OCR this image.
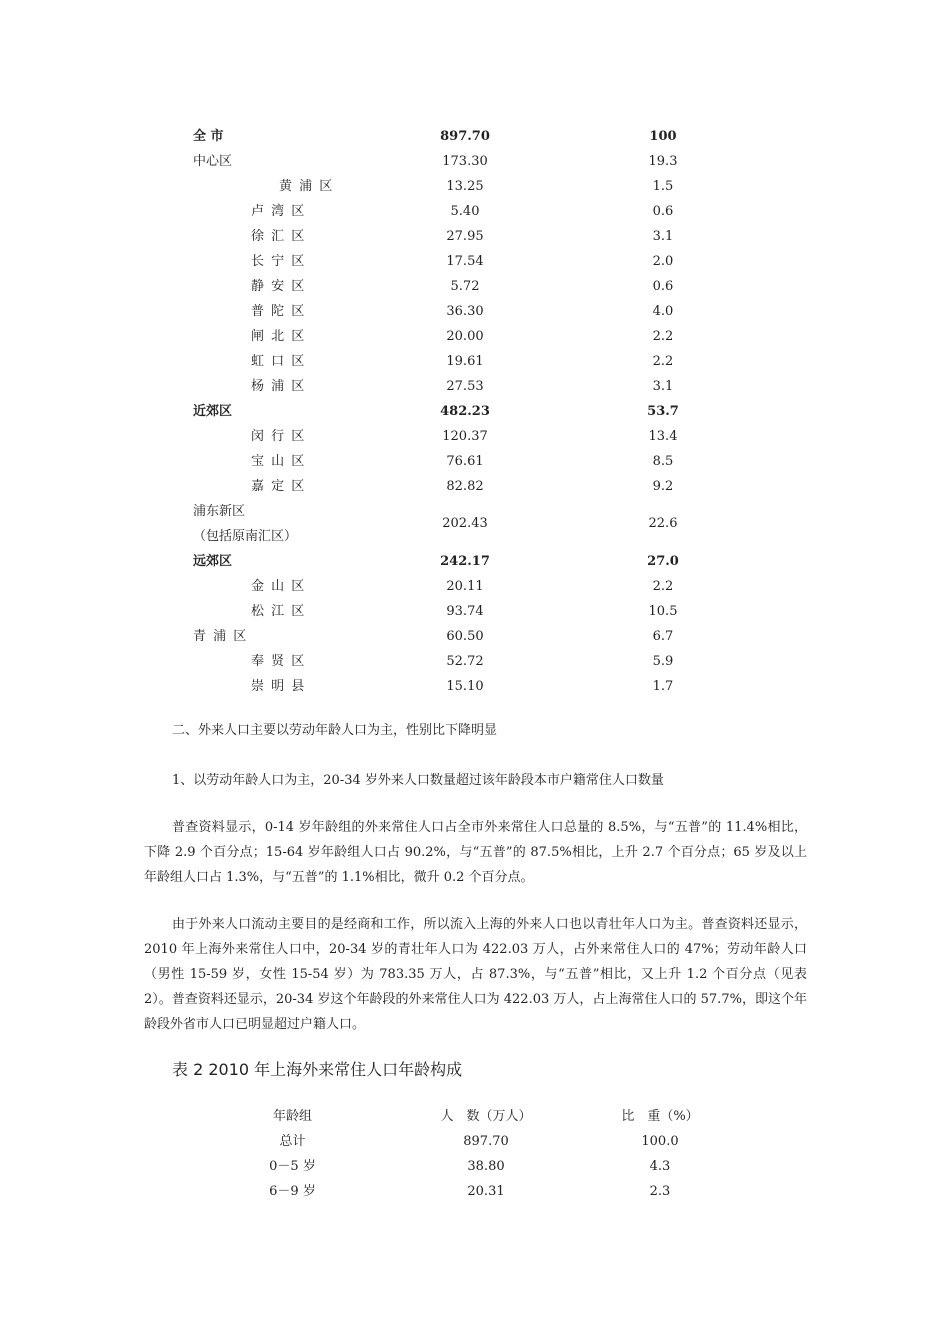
全 市	897.70	100
中心区	173.30	19.3
黄浦区	13.25	1.5
卢湾区	5.40	0.6
徐汇区	27.95	3.1
长宁区	17.54	2.0
静安区	5.72	0.6
普陀区	36.30	4.0
闸北区	20.00	2.2
虹口区	19.61	2.2
杨浦区	27.53	3.1
近郊区	482.23	53.7
闵行区	120.37	13.4
宝山区	76.61	8.5
嘉定区	82.82	9.2
浦东新区
（包括原南汇区）
202.43	22.6
远郊区	242.17	27.0
金山区	20.11	2.2
松江区	93.74	10.5
青浦区	60.50	6.7
奉贤区	52.72	5.9
崇明县	15.10	1.7

二、外来人口主要以劳动年龄人口为主，性别比下降明显

1、以劳动年龄人口为主，20-34 岁外来人口数量超过该年龄段本市户籍常住人口数量

普查资料显示，0-14 岁年龄组的外来常住人口占全市外来常住人口总量的 8.5%，与“五普”的 11.4%相比，下降 2.9 个百分点；15-64 岁年龄组人口占 90.2%，与“五普”的 87.5%相比，上升 2.7 个百分点；65 岁及以上年龄组人口占 1.3%，与“五普”的 1.1%相比，微升 0.2 个百分点。

由于外来人口流动主要目的是经商和工作，所以流入上海的外来人口也以青壮年人口为主。普查资料还显示，2010 年上海外来常住人口中，20-34 岁的青壮年人口为 422.03 万人，占外来常住人口的 47%；劳动年龄人口（男性 15-59 岁，女性 15-54 岁）为 783.35 万人，占 87.3%，与“五普”相比，又上升 1.2 个百分点（见表 2）。普查资料还显示，20-34 岁这个年龄段的外来常住人口为 422.03 万人，占上海常住人口的 57.7%，即这个年龄段外省市人口已明显超过户籍人口。

表 2 2010 年上海外来常住人口年龄构成

年龄组	人　数（万人）	比　重（%）
总计	897.70	100.0
0－5 岁	38.80	4.3
6－9 岁	20.31	2.3
